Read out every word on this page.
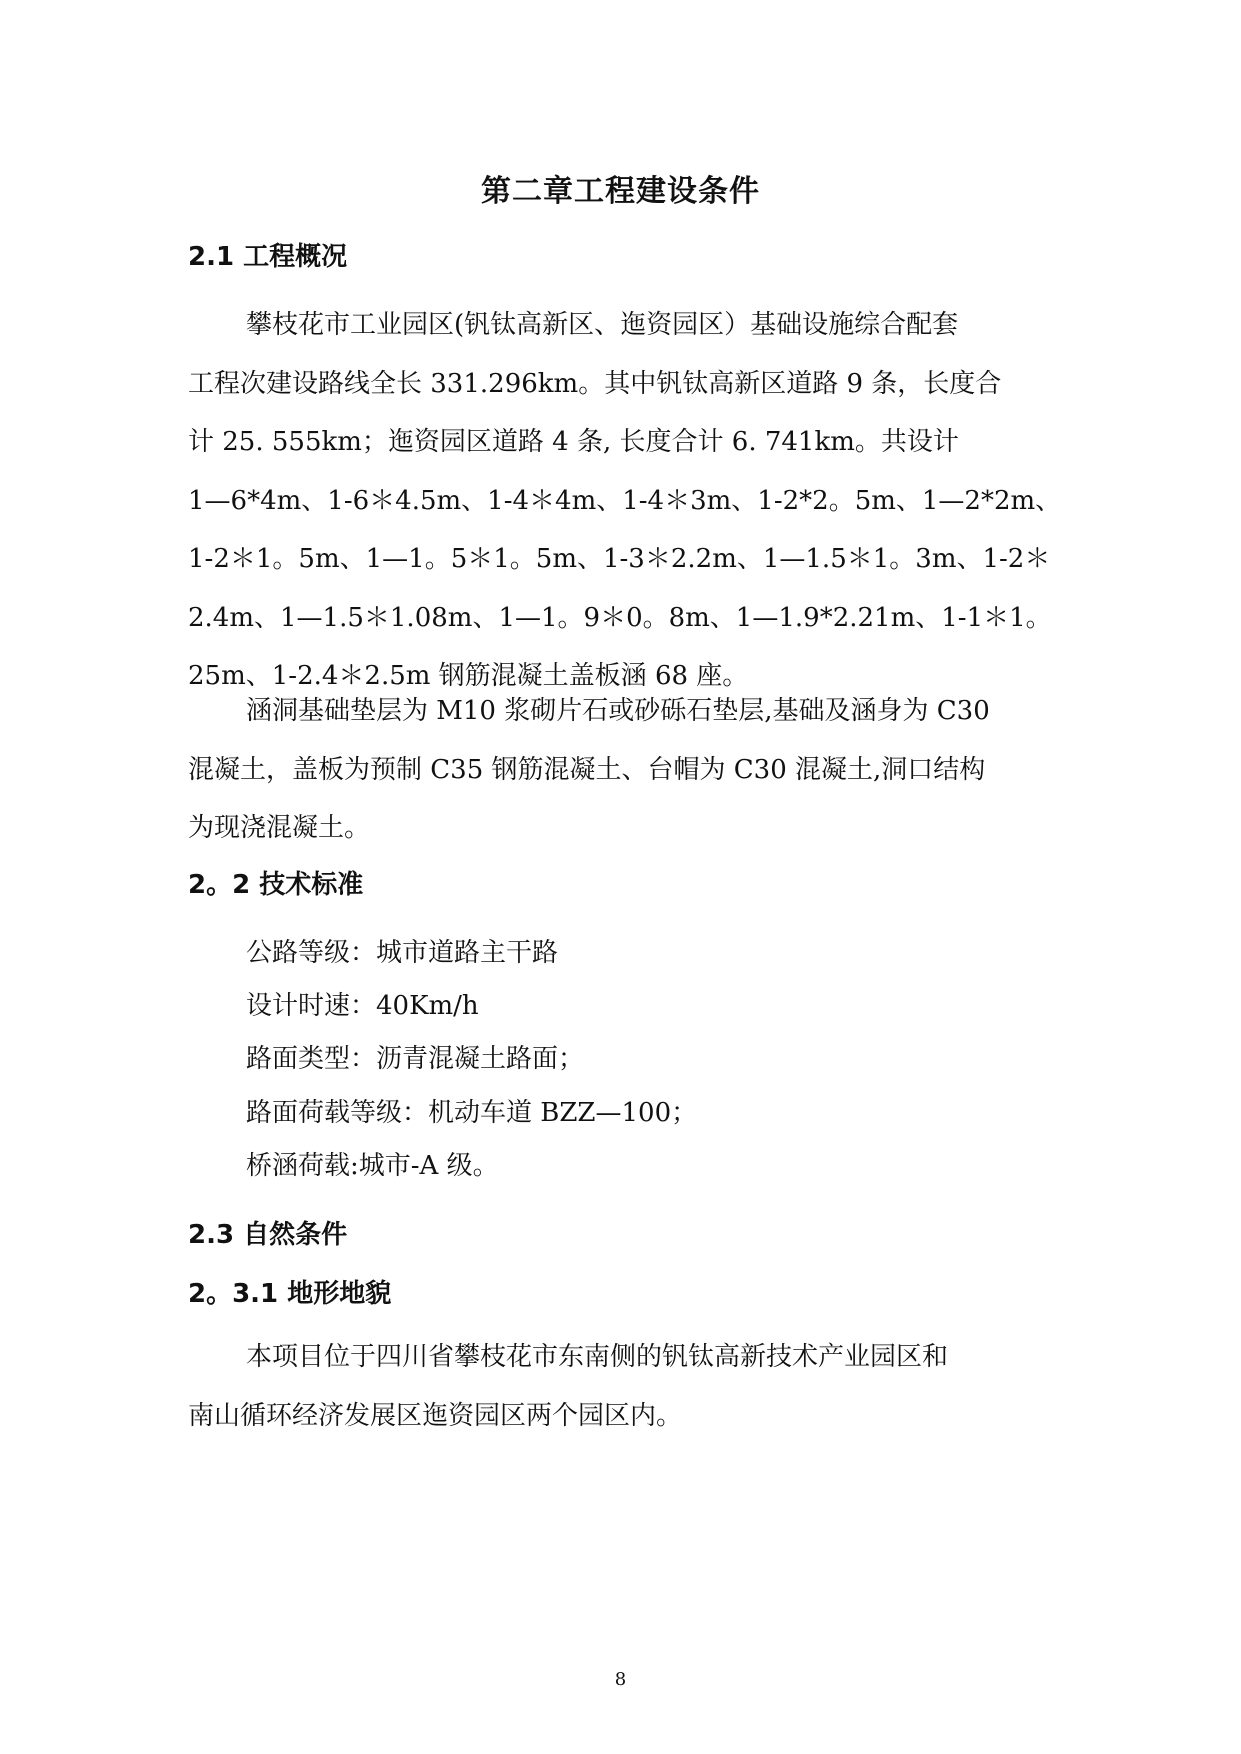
第二章工程建设条件
2.1 工程概况
攀枝花市工业园区(钒钛高新区、迤资园区）基础设施综合配套
工程次建设路线全长 331.296km。其中钒钛高新区道路 9 条，长度合
计 25. 555km；迤资园区道路 4 条, 长度合计 6. 741km。共设计
1—6*4m、1-6＊4.5m、1-4＊4m、1-4＊3m、1-2*2。5m、1—2*2m、
1-2＊1。5m、1—1。5＊1。5m、1-3＊2.2m、1—1.5＊1。3m、1-2＊
2.4m、1—1.5＊1.08m、1—1。9＊0。8m、1—1.9*2.21m、1-1＊1。
25m、1-2.4＊2.5m 钢筋混凝土盖板涵 68 座。
涵洞基础垫层为 M10 浆砌片石或砂砾石垫层,基础及涵身为 C30
混凝土，盖板为预制 C35 钢筋混凝土、台帽为 C30 混凝土,洞口结构
为现浇混凝土。
2。2 技术标准

公路等级：城市道路主干路

设计时速：40Km/h

路面类型：沥青混凝土路面；

路面荷载等级：机动车道 BZZ—100；

桥涵荷载:城市-A 级。

2.3 自然条件
2。3.1 地形地貌
本项目位于四川省攀枝花市东南侧的钒钛高新技术产业园区和
南山循环经济发展区迤资园区两个园区内。

8
